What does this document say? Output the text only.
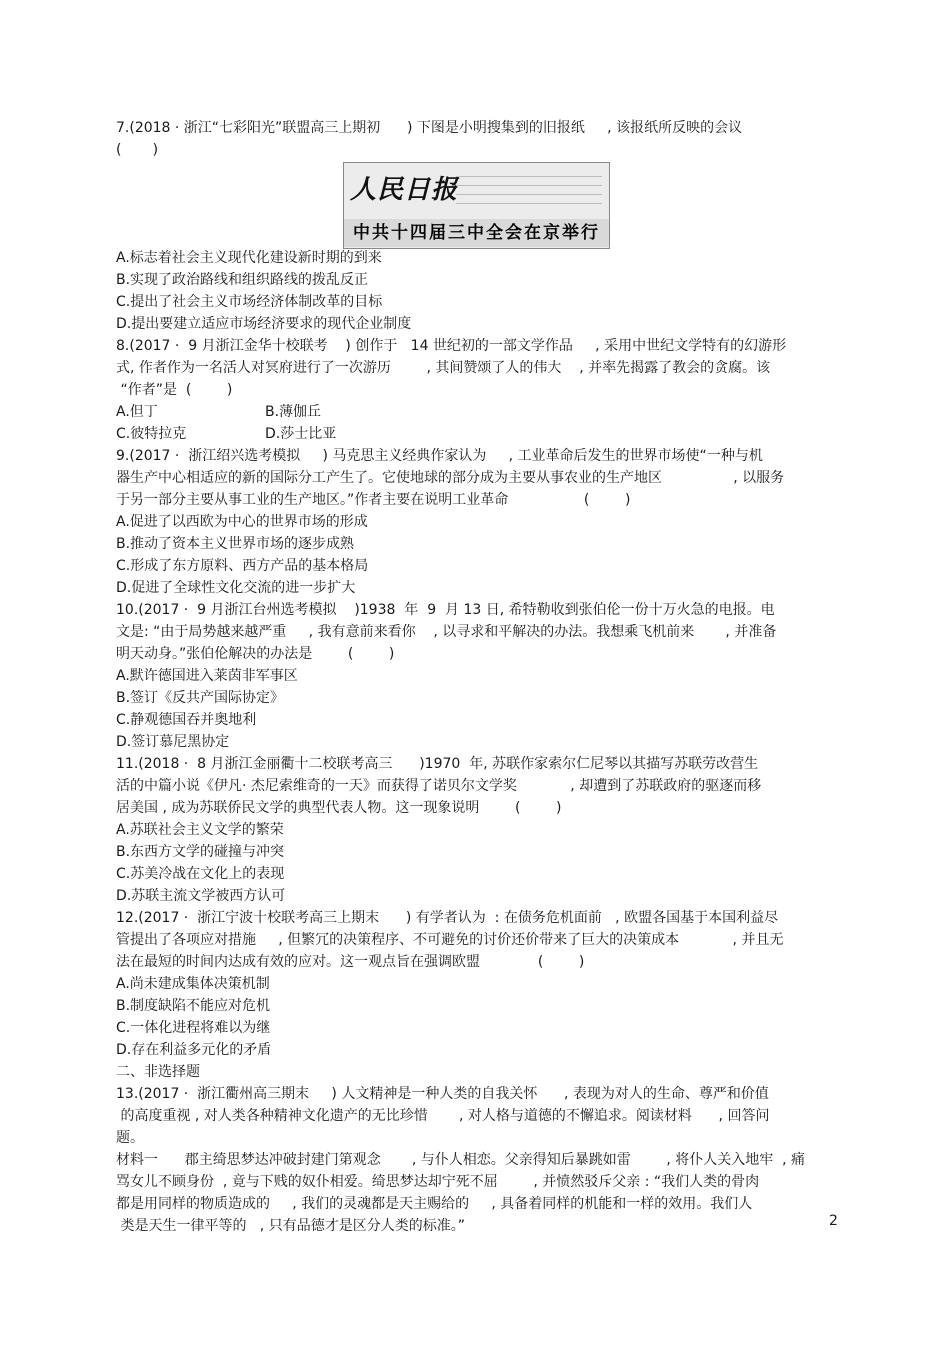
7.(2018 · 浙江“七彩阳光”联盟高三上期初      ) 下图是小明搜集到的旧报纸     , 该报纸所反映的会议
(       )
人民日报
中共十四届三中全会在京举行
A.标志着社会主义现代化建设新时期的到来
B.实现了政治路线和组织路线的拨乱反正
C.提出了社会主义市场经济体制改革的目标
D.提出要建立适应市场经济要求的现代企业制度
8.(2017 ·  9 月浙江金华十校联考    ) 创作于   14 世纪初的一部文学作品     , 采用中世纪文学特有的幻游形
式, 作者作为一名活人对冥府进行了一次游历        , 其间赞颂了人的伟大    , 并率先揭露了教会的贪腐。该
“作者”是  (        )
A.但丁	B.薄伽丘
C.彼特拉克	D.莎士比亚
9.(2017 ·  浙江绍兴选考模拟     ) 马克思主义经典作家认为     , 工业革命后发生的世界市场使“一种与机
器生产中心相适应的新的国际分工产生了。它使地球的部分成为主要从事农业的生产地区                , 以服务
于另一部分主要从事工业的生产地区。”作者主要在说明工业革命                 (        )
A.促进了以西欧为中心的世界市场的形成
B.推动了资本主义世界市场的逐步成熟
C.形成了东方原料、西方产品的基本格局
D.促进了全球性文化交流的进一步扩大
10.(2017 ·  9 月浙江台州选考模拟    )1938  年  9  月 13 日, 希特勒收到张伯伦一份十万火急的电报。电
文是: “由于局势越来越严重     , 我有意前来看你    , 以寻求和平解决的办法。我想乘飞机前来       , 并准备
明天动身。”张伯伦解决的办法是        (        )
A.默许德国进入莱茵非军事区
B.签订《反共产国际协定》
C.静观德国吞并奥地利
D.签订慕尼黑协定
11.(2018 ·  8 月浙江金丽衢十二校联考高三      )1970  年, 苏联作家索尔仁尼琴以其描写苏联劳改营生
活的中篇小说《伊凡· 杰尼索维奇的一天》而获得了诺贝尔文学奖            , 却遭到了苏联政府的驱逐而移
居美国 , 成为苏联侨民文学的典型代表人物。这一现象说明        (        )
A.苏联社会主义文学的繁荣
B.东西方文学的碰撞与冲突
C.苏美冷战在文化上的表现
D.苏联主流文学被西方认可
12.(2017 ·  浙江宁波十校联考高三上期末      ) 有学者认为  : 在债务危机面前   , 欧盟各国基于本国利益尽
管提出了各项应对措施     , 但繁冗的决策程序、不可避免的讨价还价带来了巨大的决策成本            , 并且无
法在最短的时间内达成有效的应对。这一观点旨在强调欧盟             (        )
A.尚未建成集体决策机制
B.制度缺陷不能应对危机
C.一体化进程将难以为继
D.存在利益多元化的矛盾
二、非选择题
13.(2017 ·  浙江衢州高三期末     ) 人文精神是一种人类的自我关怀      , 表现为对人的生命、尊严和价值
的高度重视 , 对人类各种精神文化遗产的无比珍惜       , 对人格与道德的不懈追求。阅读材料      , 回答问
题。
材料一      郡主绮思梦达冲破封建门第观念       , 与仆人相恋。父亲得知后暴跳如雷        , 将仆人关入地牢  , 痛
骂女儿不顾身份  , 竟与下贱的奴仆相爱。绮思梦达却宁死不屈        , 并愤然驳斥父亲 : “我们人类的骨肉
都是用同样的物质造成的     , 我们的灵魂都是天主赐给的     , 具备着同样的机能和一样的效用。我们人
类是天生一律平等的   , 只有品德才是区分人类的标准。”	2
